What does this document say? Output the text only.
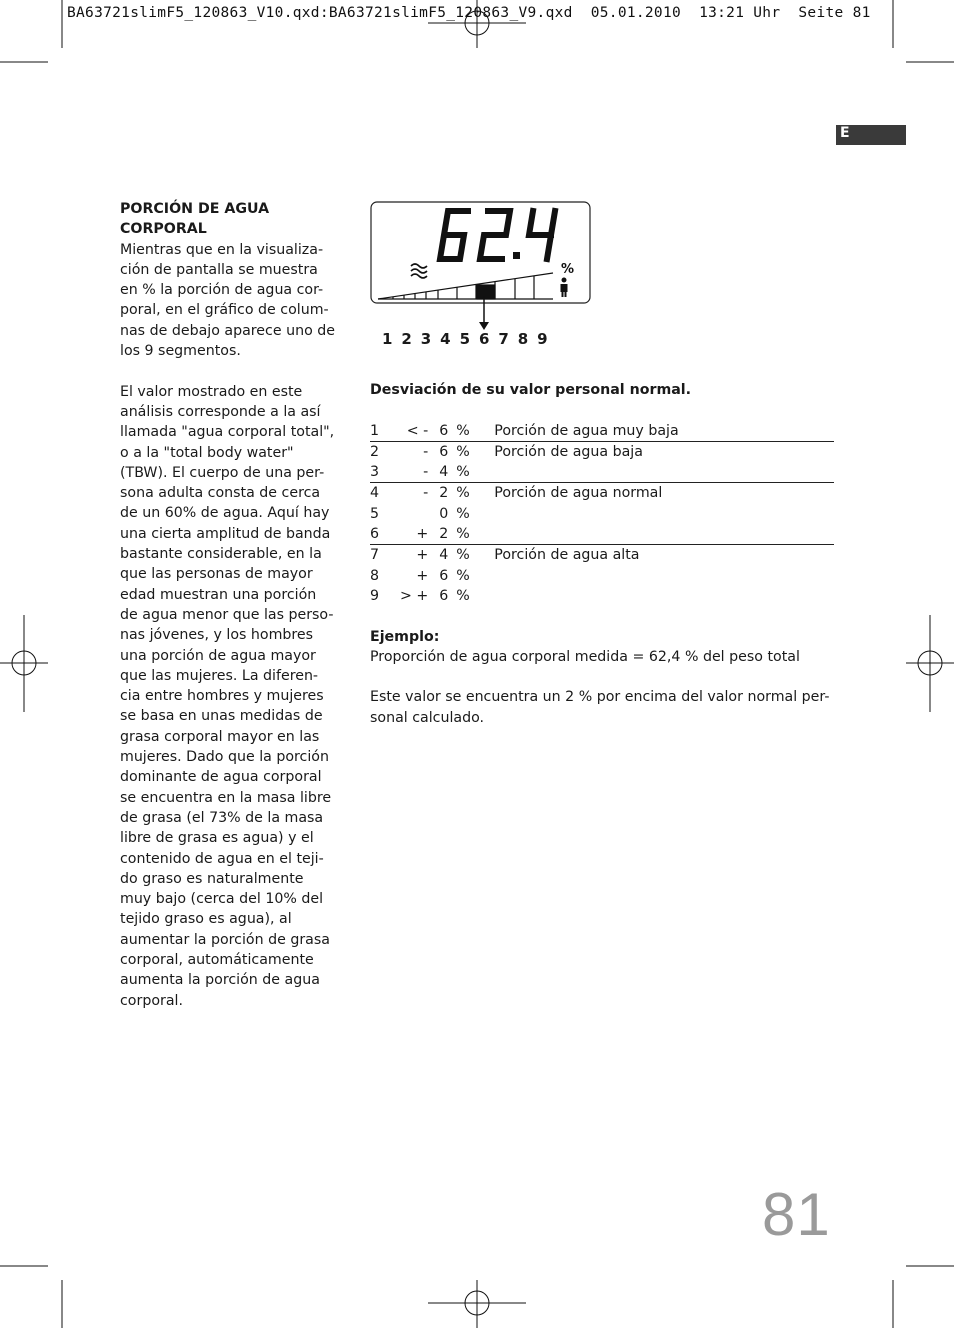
BA63721slimF5_120863_V10.qxd:BA63721slimF5_120863_V9.qxd  05.01.2010  13:21 Uhr  Seite 81
E
PORCIÓN DE AGUA
CORPORAL

Mientras que en la visualiza-
ción de pantalla se muestra
en % la porción de agua cor-
poral, en el gráfico de colum-
nas de debajo aparece uno de
los 9 segmentos.

El valor mostrado en este
análisis corresponde a la así
llamada "agua corporal total",
o a la "total body water"
(TBW). El cuerpo de una per-
sona adulta consta de cerca
de un 60% de agua. Aquí hay
una cierta amplitud de banda
bastante considerable, en la
que las personas de mayor
edad muestran una porción
de agua menor que las perso-
nas jóvenes, y los hombres
una porción de agua mayor
que las mujeres. La diferen-
cia entre hombres y mujeres
se basa en unas medidas de
grasa corporal mayor en las
mujeres. Dado que la porción
dominante de agua corporal
se encuentra en la masa libre
de grasa (el 73% de la masa
libre de grasa es agua) y el
contenido de agua en el teji-
do graso es naturalmente
muy bajo (cerca del 10% del
tejido graso es agua), al
aumentar la porción de grasa
corporal, automáticamente
aumenta la porción de agua
corporal.

%
1 2 3 4 5 6 7 8 9

Desviación de su valor personal normal.

1	< -	6	%	Porción de agua muy baja
2	-	6	%	Porción de agua baja
3	-	4	%	
4	-	2	%	Porción de agua normal
5		0	%	
6	+	2	%	
7	+	4	%	Porción de agua alta
8	+	6	%	
9	> +	6	%	

Ejemplo:

Proporción de agua corporal medida = 62,4 % del peso total

Este valor se encuentra un 2 % por encima del valor normal per-
sonal calculado.

81
